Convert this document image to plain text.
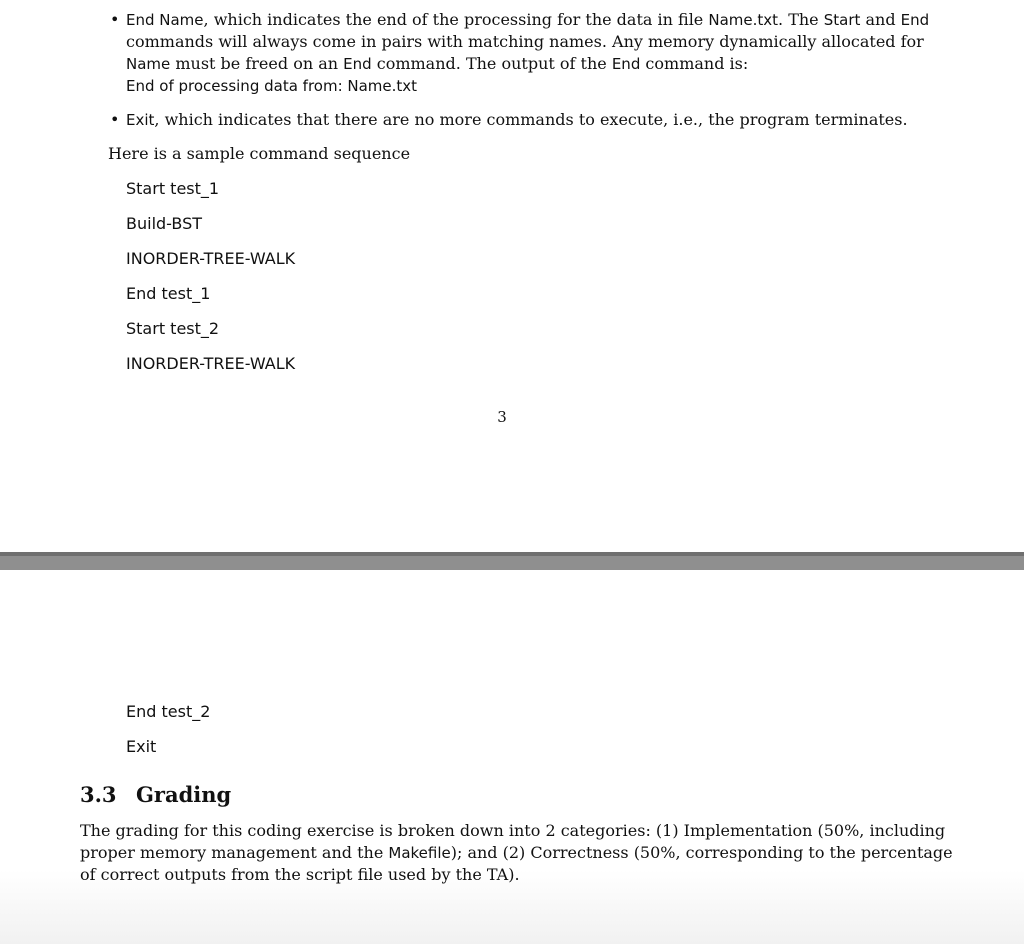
• End Name, which indicates the end of the processing for the data in file Name.txt. The Start and End
commands will always come in pairs with matching names. Any memory dynamically allocated for
Name must be freed on an End command. The output of the End command is:
End of processing data from: Name.txt
• Exit, which indicates that there are no more commands to execute, i.e., the program terminates.
Here is a sample command sequence
Start test_1
Build-BST
INORDER-TREE-WALK
End test_1
Start test_2
INORDER-TREE-WALK
3
End test_2
Exit
3.3 Grading
The grading for this coding exercise is broken down into 2 categories: (1) Implementation (50%, including
proper memory management and the Makefile); and (2) Correctness (50%, corresponding to the percentage
of correct outputs from the script file used by the TA).
